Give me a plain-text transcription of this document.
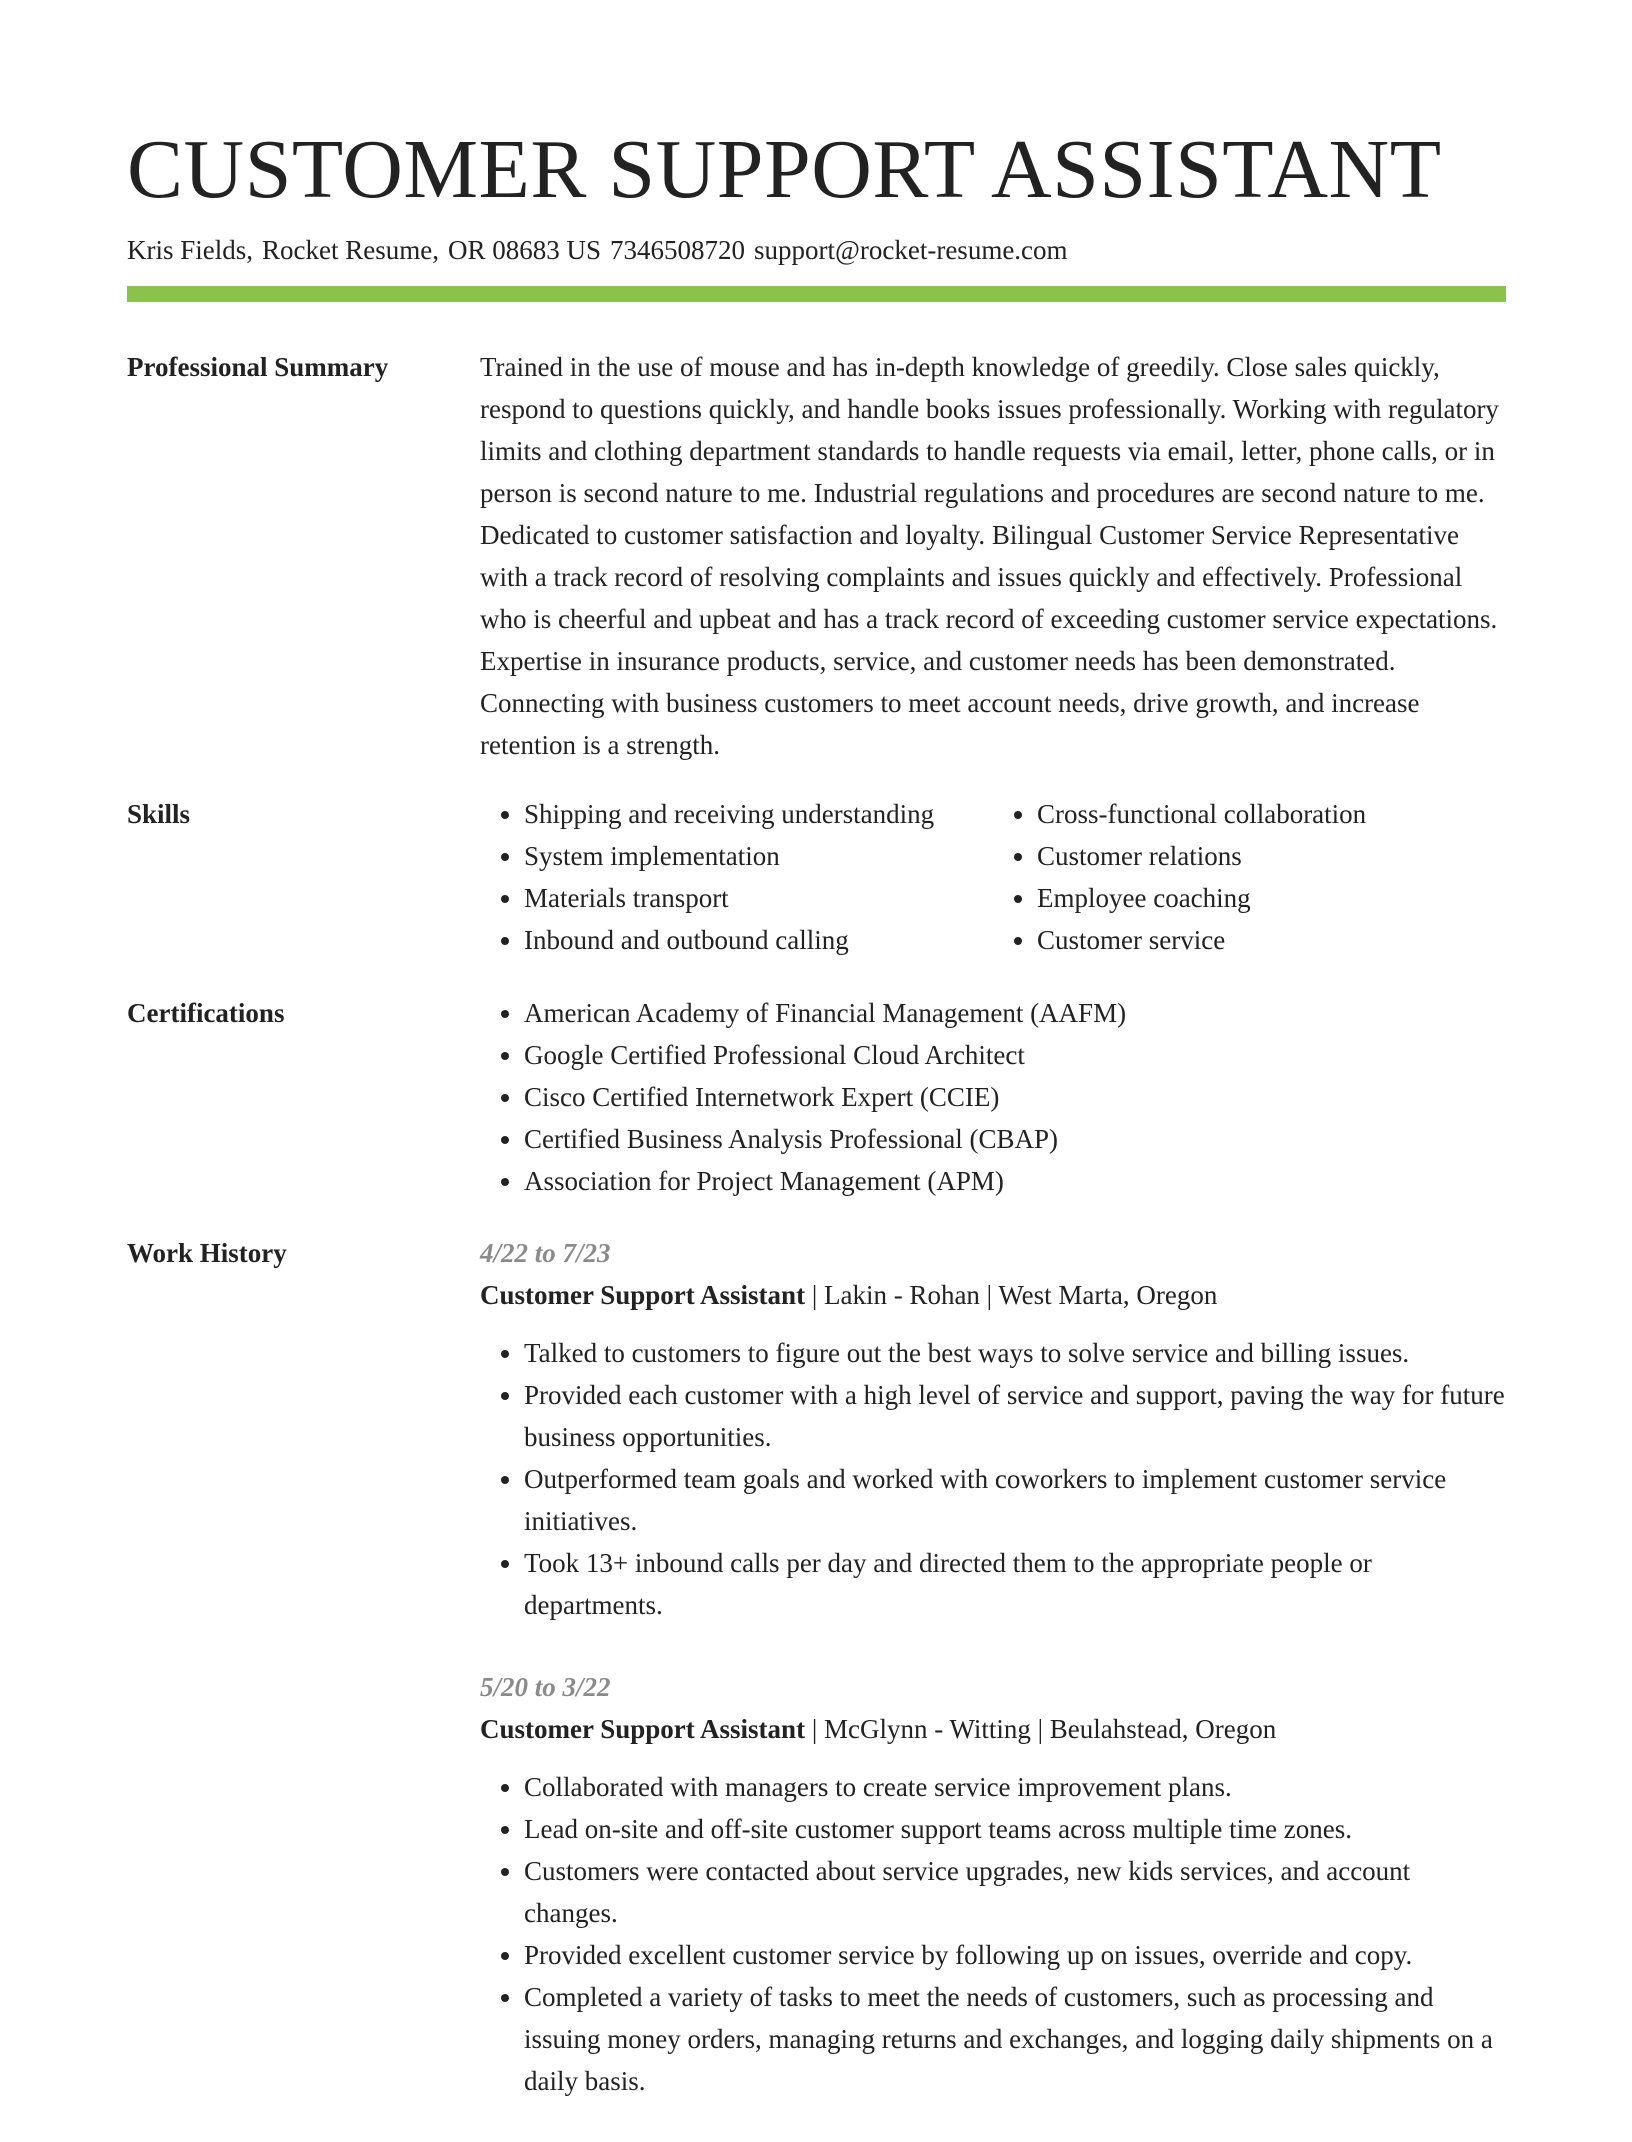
CUSTOMER SUPPORT ASSISTANT
Kris Fields, Rocket Resume, OR 08683 US 7346508720 support@rocket-resume.com
Professional Summary	Trained in the use of mouse and has in-depth knowledge of greedily. Close sales quickly, respond to questions quickly, and handle books issues professionally. Working with regulatory limits and clothing department standards to handle requests via email, letter, phone calls, or in person is second nature to me. Industrial regulations and procedures are second nature to me. Dedicated to customer satisfaction and loyalty. Bilingual Customer Service Representative with a track record of resolving complaints and issues quickly and effectively. Professional who is cheerful and upbeat and has a track record of exceeding customer service expectations. Expertise in insurance products, service, and customer needs has been demonstrated. Connecting with business customers to meet account needs, drive growth, and increase retention is a strength.

Skills	• Shipping and receiving understanding
• System implementation
• Materials transport
• Inbound and outbound calling
• Cross-functional collaboration
• Customer relations
• Employee coaching
• Customer service
Certifications	• American Academy of Financial Management (AAFM)
• Google Certified Professional Cloud Architect
• Cisco Certified Internetwork Expert (CCIE)
• Certified Business Analysis Professional (CBAP)
• Association for Project Management (APM)
Work History	4/22 to 7/23
Customer Support Assistant | Lakin - Rohan | West Marta, Oregon
• Talked to customers to figure out the best ways to solve service and billing issues.
• Provided each customer with a high level of service and support, paving the way for future business opportunities.
• Outperformed team goals and worked with coworkers to implement customer service initiatives.
• Took 13+ inbound calls per day and directed them to the appropriate people or departments.
5/20 to 3/22
Customer Support Assistant | McGlynn - Witting | Beulahstead, Oregon
• Collaborated with managers to create service improvement plans.
• Lead on-site and off-site customer support teams across multiple time zones.
• Customers were contacted about service upgrades, new kids services, and account changes.
• Provided excellent customer service by following up on issues, override and copy.
• Completed a variety of tasks to meet the needs of customers, such as processing and issuing money orders, managing returns and exchanges, and logging daily shipments on a daily basis.
